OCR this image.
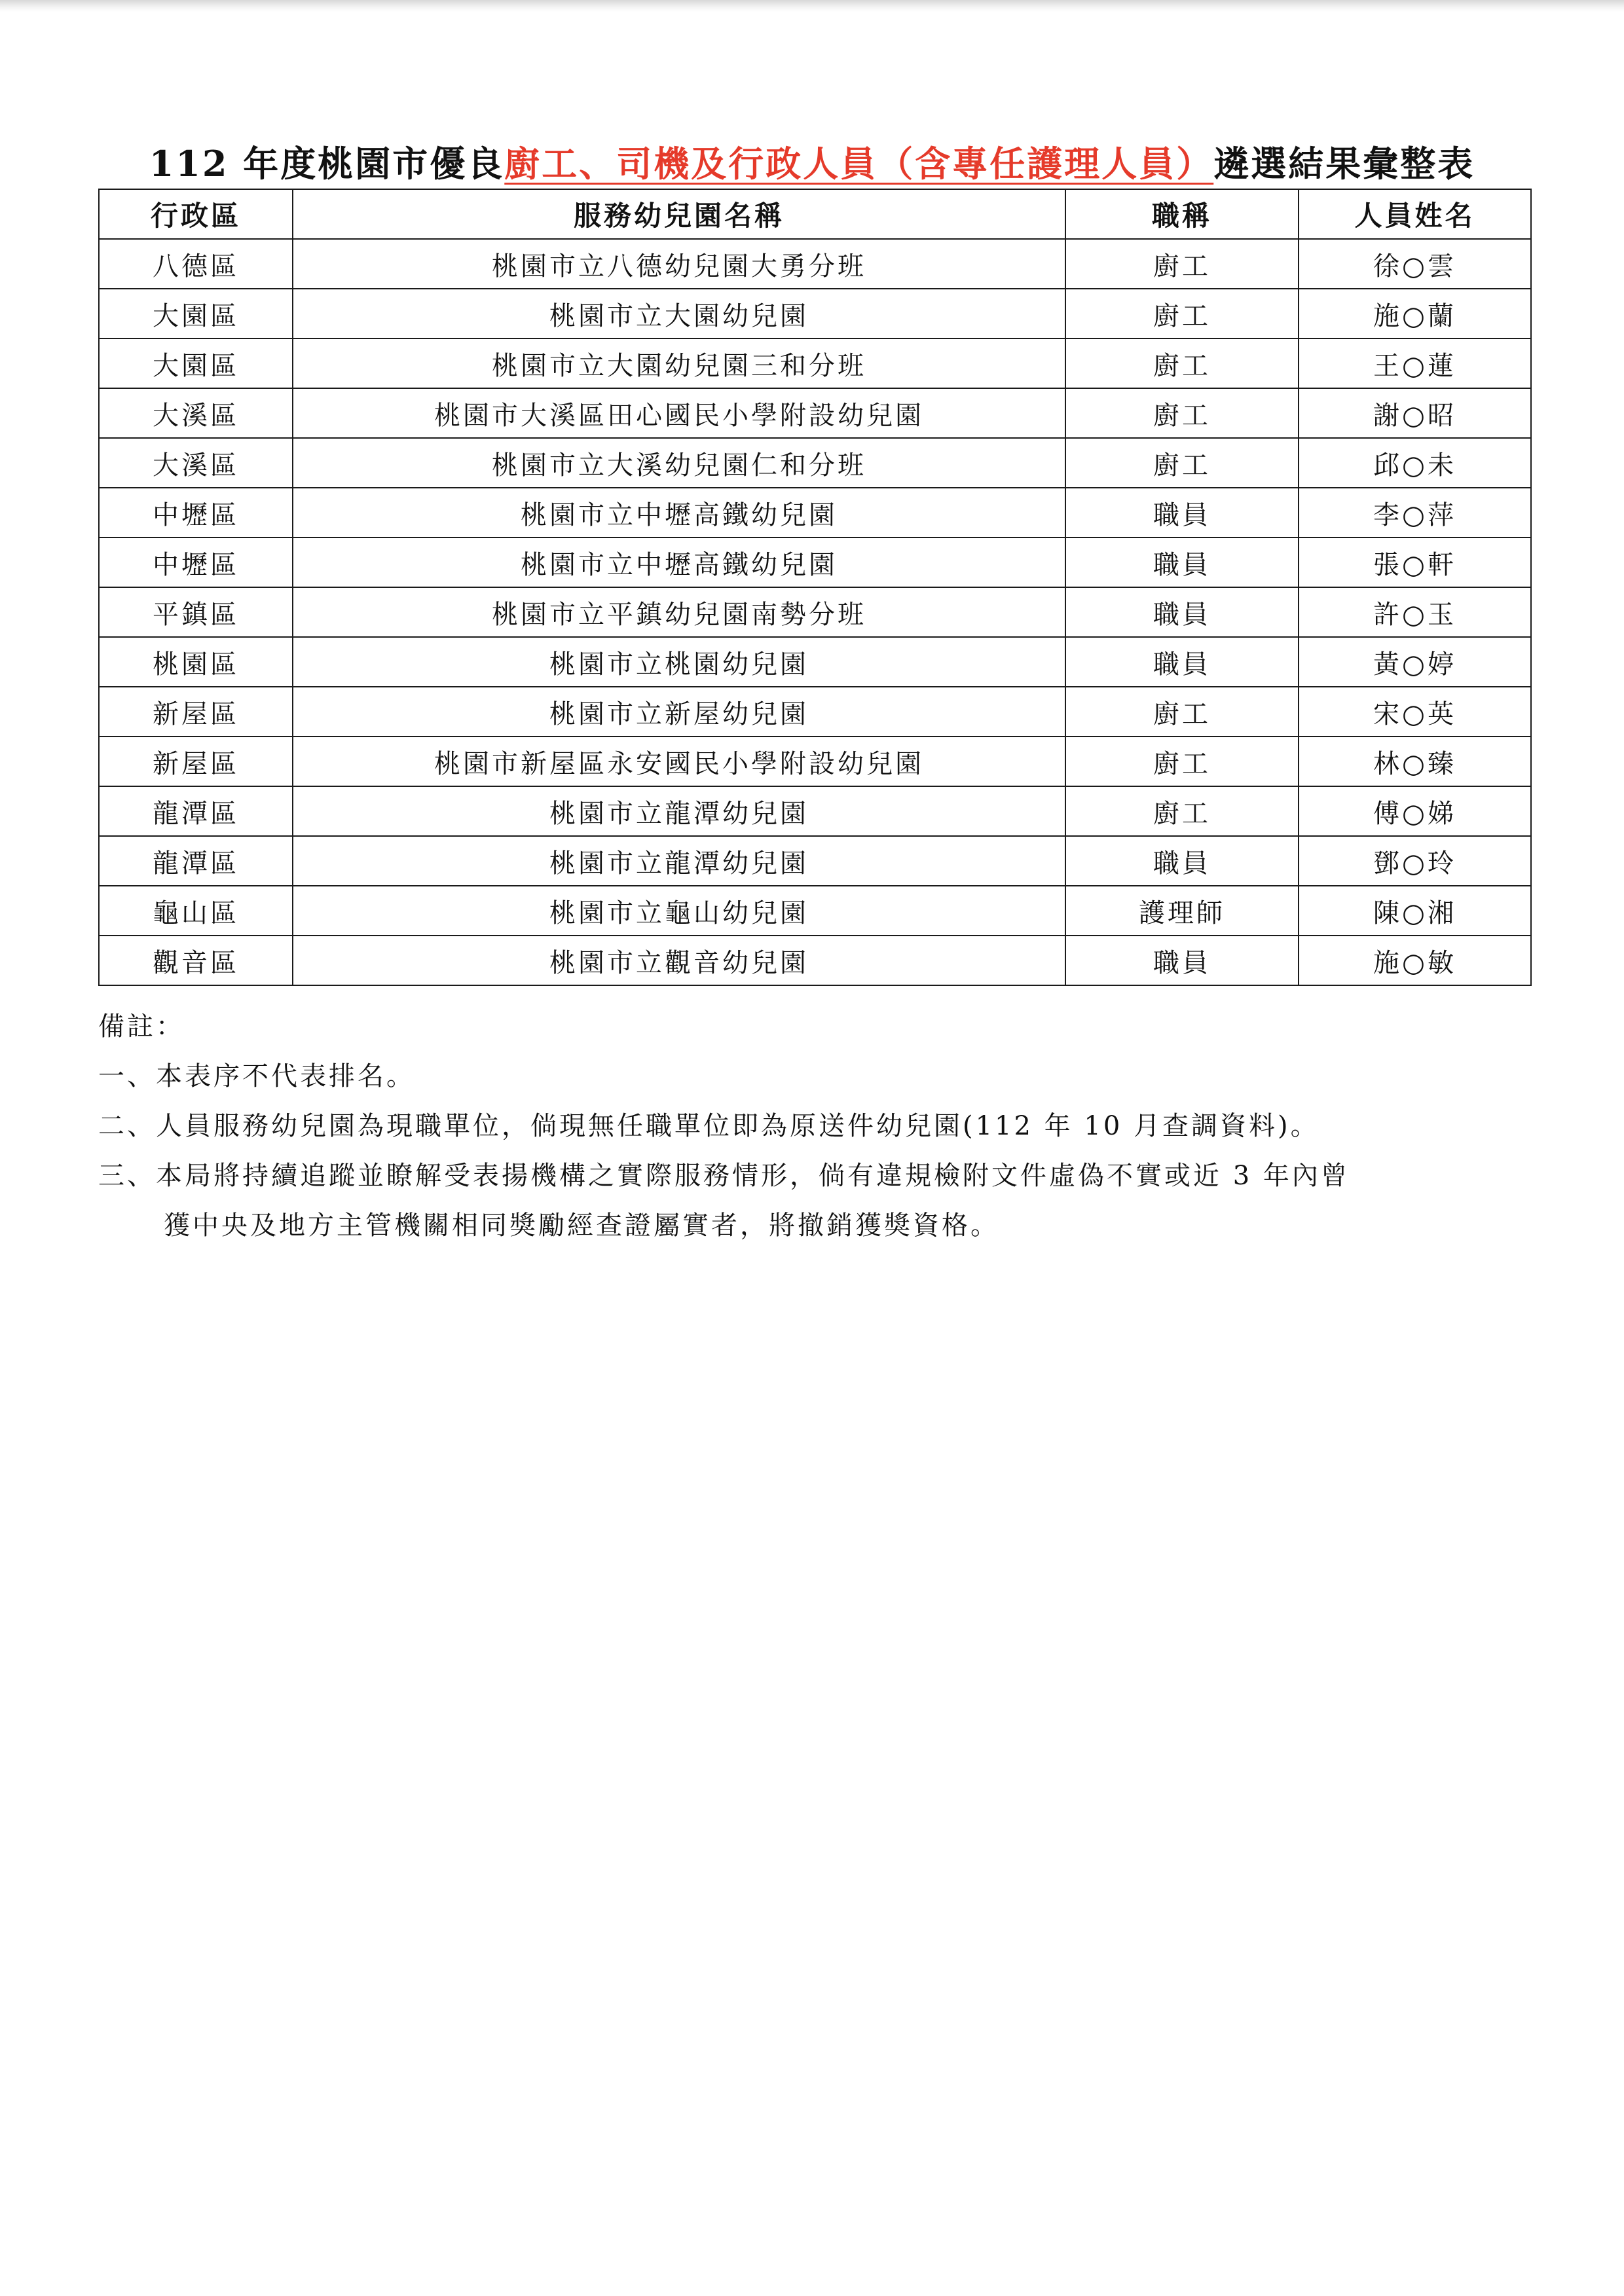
112 年度桃園市優良廚工、司機及行政人員（含專任護理人員）遴選結果彙整表
行政區	服務幼兒園名稱	職稱	人員姓名
八德區	桃園市立八德幼兒園大勇分班	廚工	徐○雲
大園區	桃園市立大園幼兒園	廚工	施○蘭
大園區	桃園市立大園幼兒園三和分班	廚工	王○蓮
大溪區	桃園市大溪區田心國民小學附設幼兒園	廚工	謝○昭
大溪區	桃園市立大溪幼兒園仁和分班	廚工	邱○未
中壢區	桃園市立中壢高鐵幼兒園	職員	李○萍
中壢區	桃園市立中壢高鐵幼兒園	職員	張○軒
平鎮區	桃園市立平鎮幼兒園南勢分班	職員	許○玉
桃園區	桃園市立桃園幼兒園	職員	黃○婷
新屋區	桃園市立新屋幼兒園	廚工	宋○英
新屋區	桃園市新屋區永安國民小學附設幼兒園	廚工	林○臻
龍潭區	桃園市立龍潭幼兒園	廚工	傅○娣
龍潭區	桃園市立龍潭幼兒園	職員	鄧○玲
龜山區	桃園市立龜山幼兒園	護理師	陳○湘
觀音區	桃園市立觀音幼兒園	職員	施○敏
備註：
一、本表序不代表排名。
二、人員服務幼兒園為現職單位，倘現無任職單位即為原送件幼兒園(112 年 10 月查調資料)。
三、本局將持續追蹤並瞭解受表揚機構之實際服務情形，倘有違規檢附文件虛偽不實或近 3 年內曾
獲中央及地方主管機關相同獎勵經查證屬實者，將撤銷獲獎資格。
